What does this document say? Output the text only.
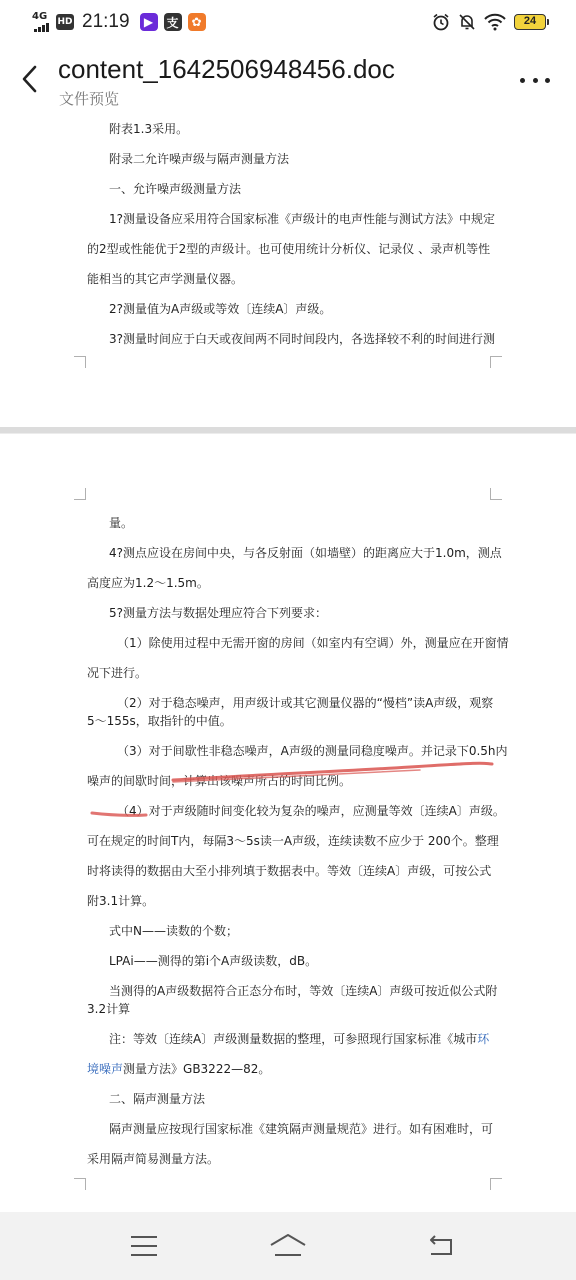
4G HD 21:19	▶	支	✿	24
content_1642506948456.doc
文件预览
附表1.3采用。
附录二允许噪声级与隔声测量方法
一、允许噪声级测量方法
1?测量设备应采用符合国家标准《声级计的电声性能与测试方法》中规定
的2型或性能优于2型的声级计。也可使用统计分析仪、记录仪 、录声机等性
能相当的其它声学测量仪器。
2?测量值为A声级或等效〔连续A〕声级。
3?测量时间应于白天或夜间两不同时间段内，各选择较不利的时间进行测
量。
4?测点应设在房间中央，与各反射面（如墙壁）的距离应大于1.0m，测点
高度应为1.2～1.5m。
5?测量方法与数据处理应符合下列要求：
（1）除使用过程中无需开窗的房间（如室内有空调）外，测量应在开窗情
况下进行。
（2）对于稳态噪声，用声级计或其它测量仪器的“慢档”读A声级，观察
5～155s，取指针的中值。
（3）对于间歇性非稳态噪声，A声级的测量同稳度噪声。并记录下0.5h内
噪声的间歇时间，计算出该噪声所占的时间比例。
（4）对于声级随时间变化较为复杂的噪声，应测量等效〔连续A〕声级。
可在规定的时间T内，每隔3～5s读一A声级，连续读数不应少于 200个。整理
时将读得的数据由大至小排列填于数据表中。等效〔连续A〕声级，可按公式
附3.1计算。
式中N——读数的个数；
LPAi——测得的第i个A声级读数，dB。
当测得的A声级数据符合正态分布时，等效〔连续A〕声级可按近似公式附
3.2计算
注：等效〔连续A〕声级测量数据的整理，可参照现行国家标准《城市环
境噪声测量方法》GB3222—82。
二、隔声测量方法
隔声测量应按现行国家标准《建筑隔声测量规范》进行。如有困难时，可
采用隔声简易测量方法。
